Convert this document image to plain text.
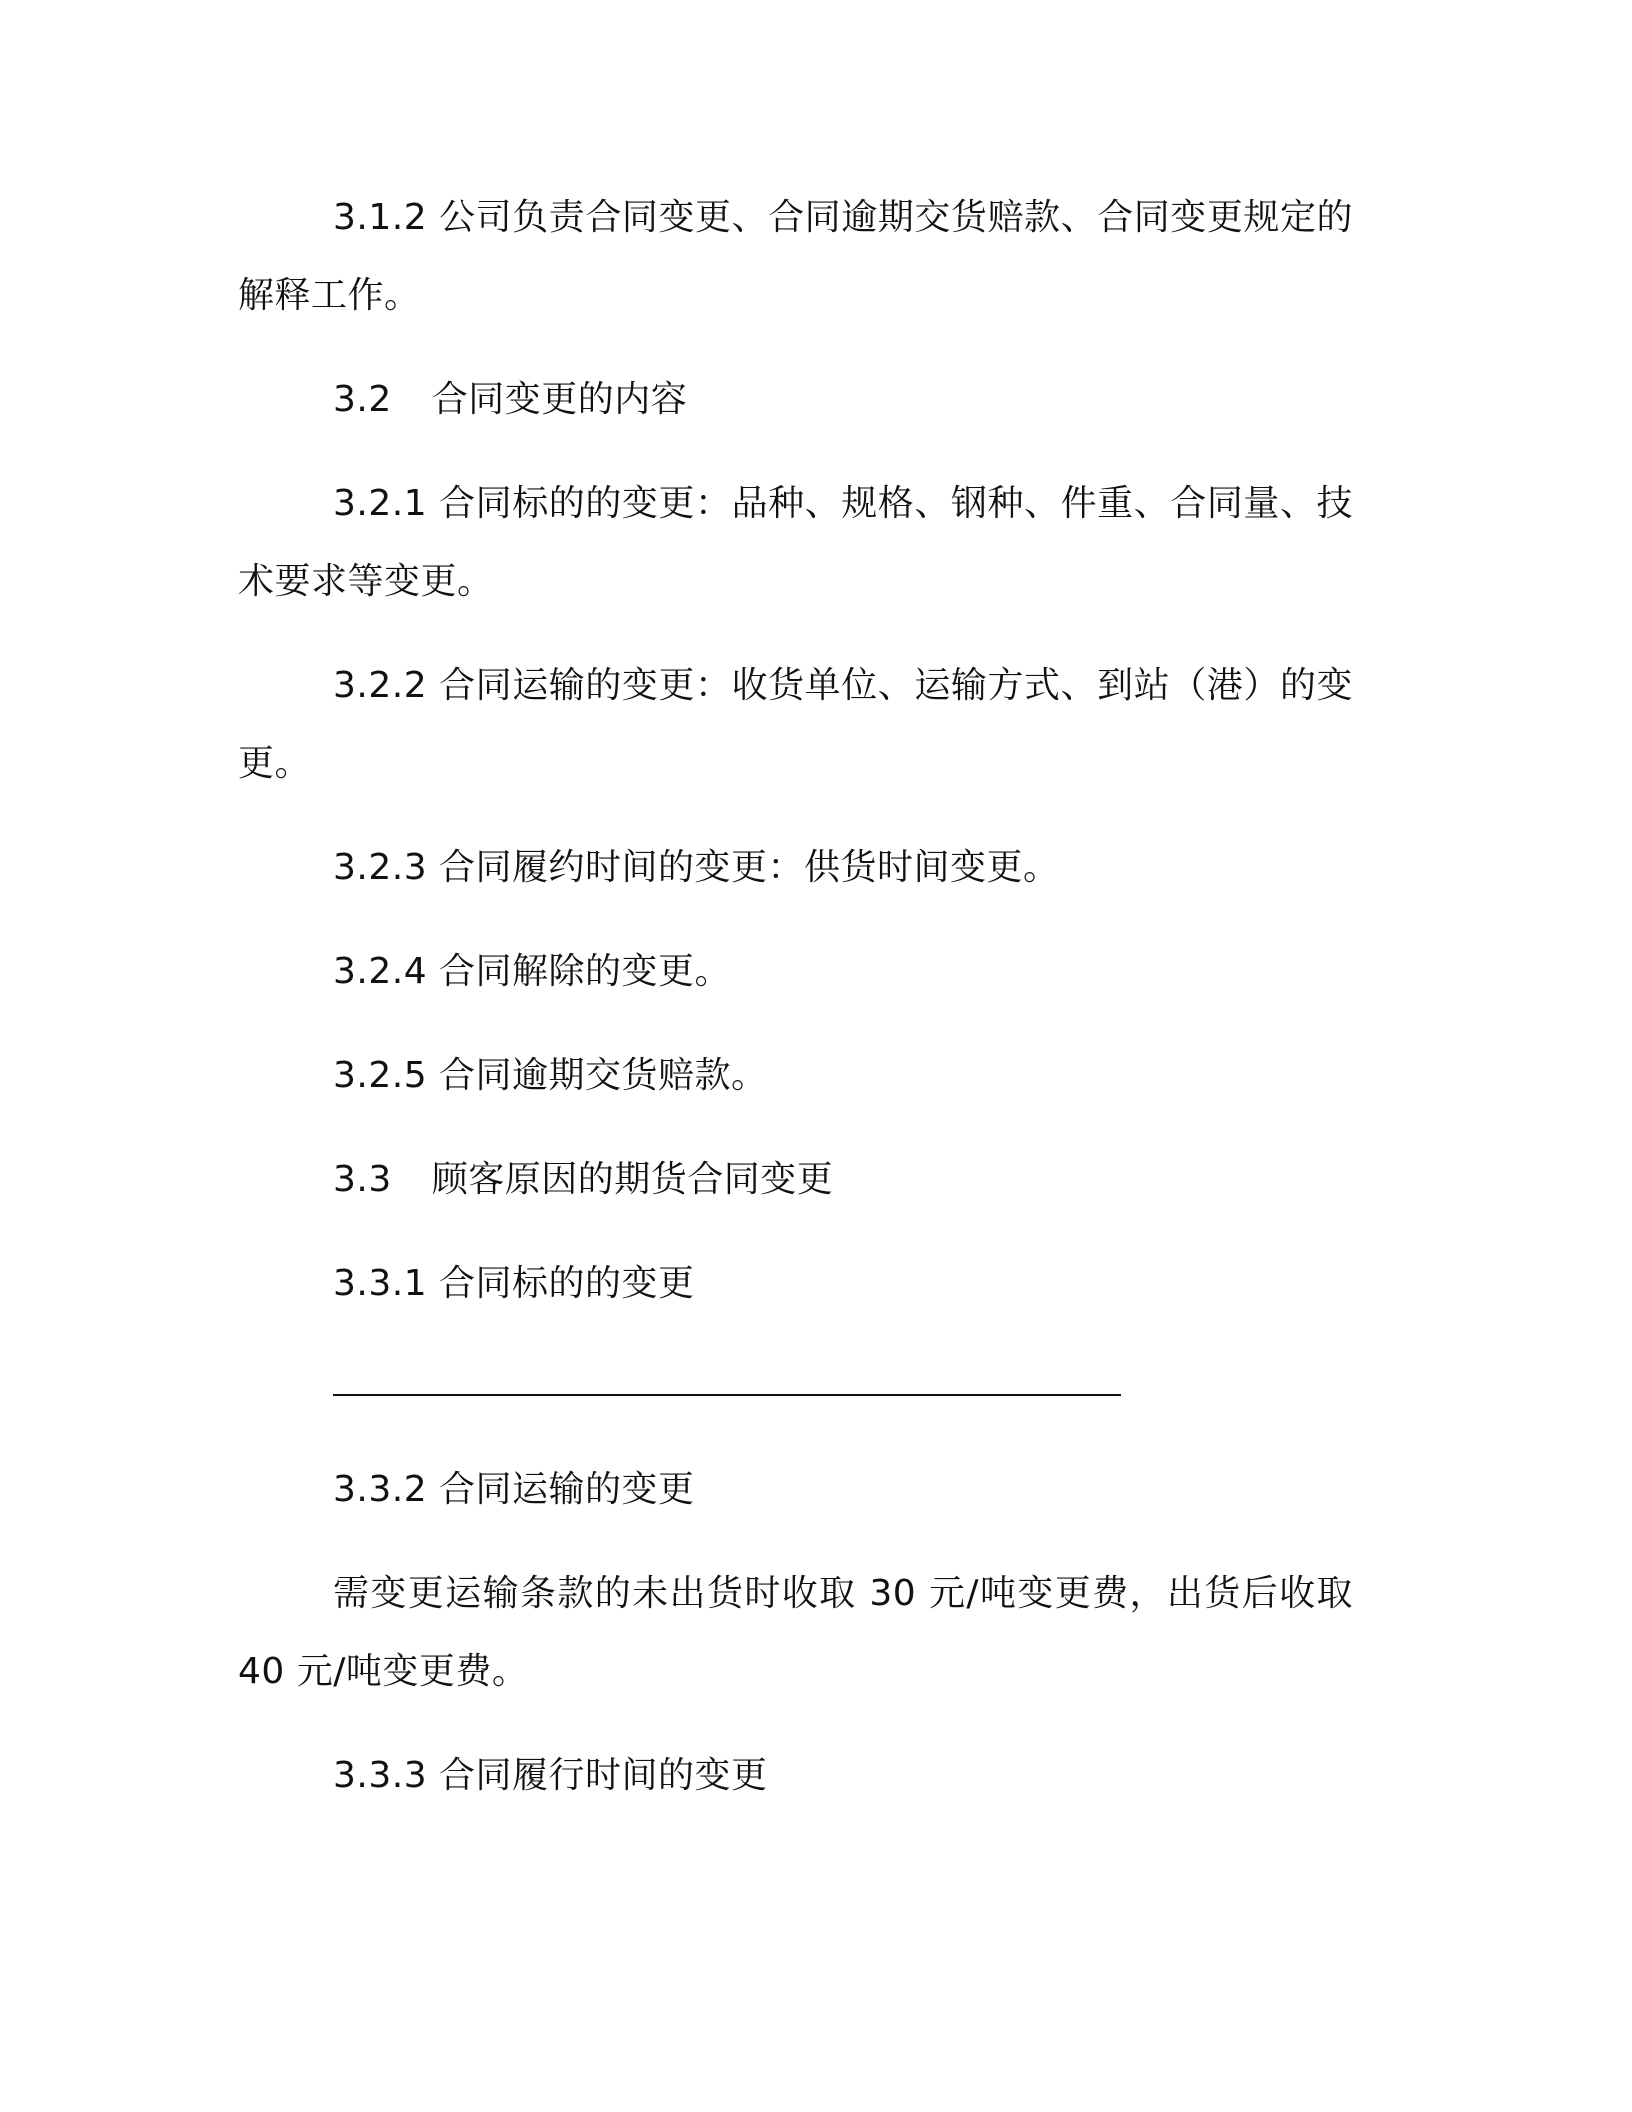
3.1.2 公司负责合同变更、合同逾期交货赔款、合同变更规定的
解释工作。
3.2 合同变更的内容
3.2.1 合同标的的变更：品种、规格、钢种、件重、合同量、技
术要求等变更。
3.2.2 合同运输的变更：收货单位、运输方式、到站（港）的变
更。
3.2.3 合同履约时间的变更：供货时间变更。
3.2.4 合同解除的变更。
3.2.5 合同逾期交货赔款。
3.3 顾客原因的期货合同变更
3.3.1 合同标的的变更
3.3.2 合同运输的变更
需变更运输条款的未出货时收取 30 元/吨变更费，出货后收取
40 元/吨变更费。
3.3.3 合同履行时间的变更
